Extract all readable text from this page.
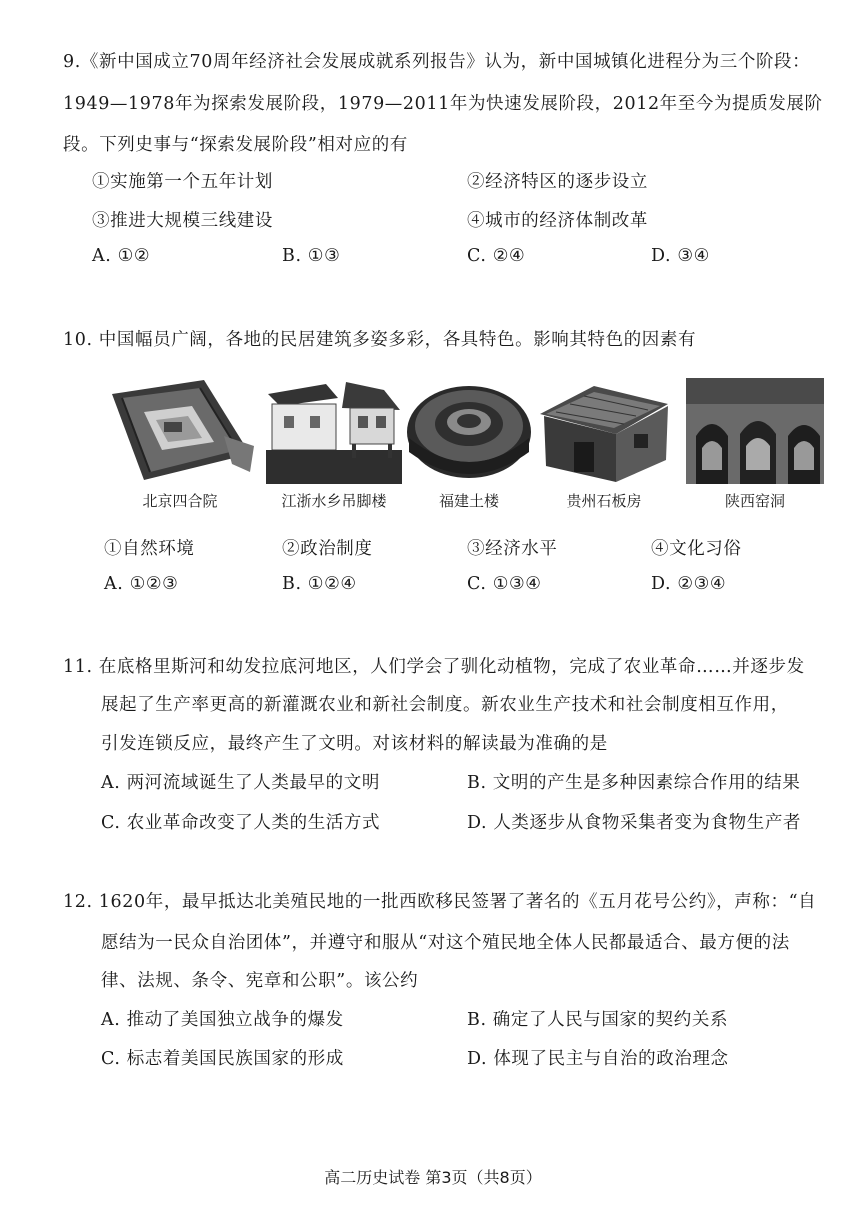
9.《新中国成立70周年经济社会发展成就系列报告》认为，新中国城镇化进程分为三个阶段：
1949—1978年为探索发展阶段，1979—2011年为快速发展阶段，2012年至今为提质发展阶
段。下列史事与“探索发展阶段”相对应的有
①实施第一个五年计划	②经济特区的逐步设立
③推进大规模三线建设	④城市的经济体制改革
A. ①②	B. ①③	C. ②④	D. ③④
10. 中国幅员广阔，各地的民居建筑多姿多彩，各具特色。影响其特色的因素有
北京四合院	江浙水乡吊脚楼	福建土楼	贵州石板房	陕西窑洞
①自然环境	②政治制度	③经济水平	④文化习俗
A. ①②③	B. ①②④	C. ①③④	D. ②③④
11. 在底格里斯河和幼发拉底河地区，人们学会了驯化动植物，完成了农业革命……并逐步发
展起了生产率更高的新灌溉农业和新社会制度。新农业生产技术和社会制度相互作用，
引发连锁反应，最终产生了文明。对该材料的解读最为准确的是
A. 两河流域诞生了人类最早的文明	B. 文明的产生是多种因素综合作用的结果
C. 农业革命改变了人类的生活方式	D. 人类逐步从食物采集者变为食物生产者
12. 1620年，最早抵达北美殖民地的一批西欧移民签署了著名的《五月花号公约》，声称：“自
愿结为一民众自治团体”，并遵守和服从“对这个殖民地全体人民都最适合、最方便的法
律、法规、条令、宪章和公职”。该公约
A. 推动了美国独立战争的爆发	B. 确定了人民与国家的契约关系
C. 标志着美国民族国家的形成	D. 体现了民主与自治的政治理念
高二历史试卷 第3页（共8页）
